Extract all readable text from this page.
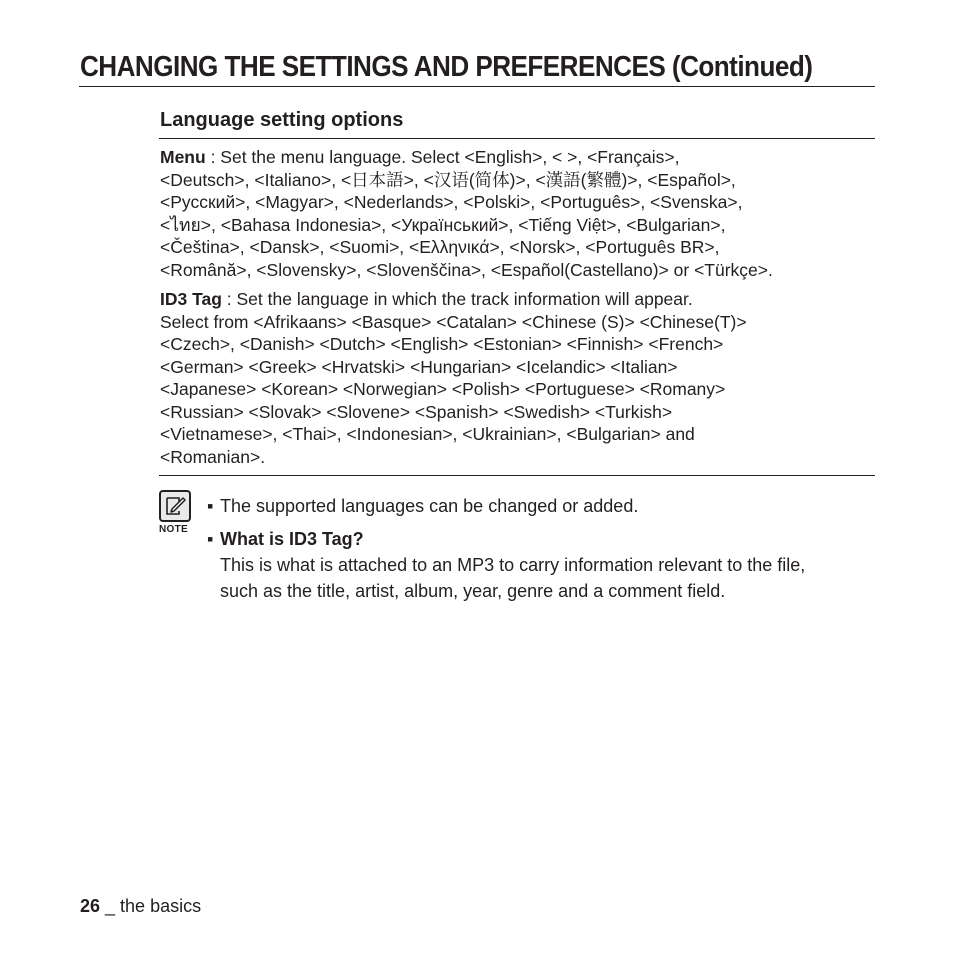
CHANGING THE SETTINGS AND PREFERENCES (Continued)
Language setting options
Menu : Set the menu language. Select <English>, < >, <Français>,
<Deutsch>, <Italiano>, <日本語>, <汉语(简体)>, <漢語(繁體)>, <Español>,
<Русский>, <Magyar>, <Nederlands>, <Polski>, <Português>, <Svenska>,
<ไทย>, <Bahasa Indonesia>, <Український>, <Tiếng Việt>, <Bulgarian>,
<Čeština>, <Dansk>, <Suomi>, <Ελληνικά>, <Norsk>, <Português BR>,
<Română>, <Slovensky>, <Slovenščina>, <Español(Castellano)> or <Türkçe>.
ID3 Tag : Set the language in which the track information will appear.
Select from <Afrikaans> <Basque> <Catalan> <Chinese (S)> <Chinese(T)>
<Czech>, <Danish> <Dutch> <English> <Estonian> <Finnish> <French>
<German> <Greek> <Hrvatski> <Hungarian> <Icelandic> <Italian>
<Japanese> <Korean> <Norwegian> <Polish> <Portuguese> <Romany>
<Russian> <Slovak> <Slovene> <Spanish> <Swedish> <Turkish>
<Vietnamese>, <Thai>, <Indonesian>, <Ukrainian>, <Bulgarian> and
<Romanian>.
NOTE
▪ The supported languages can be changed or added.
▪ What is ID3 Tag?
This is what is attached to an MP3 to carry information relevant to the file,
such as the title, artist, album, year, genre and a comment field.
26 _ the basics
